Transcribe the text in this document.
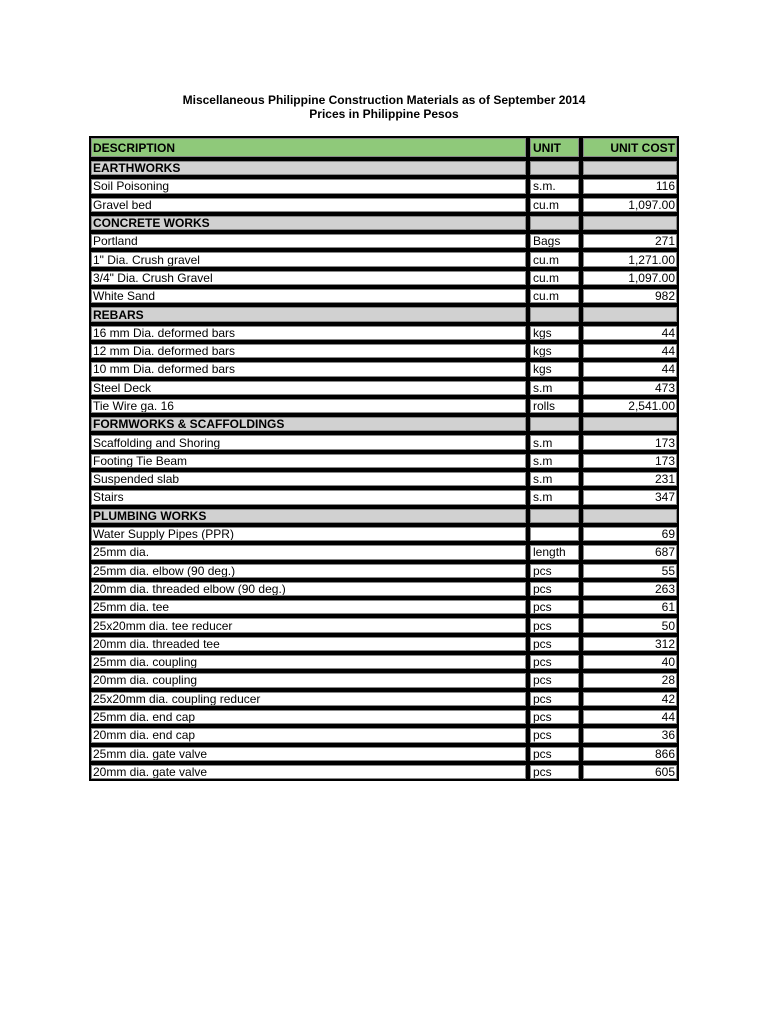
Miscellaneous Philippine Construction Materials as of September 2014
Prices in Philippine Pesos
DESCRIPTION	UNIT	UNIT COST
EARTHWORKS		
Soil Poisoning	s.m.	116
Gravel bed	cu.m	1,097.00
CONCRETE WORKS		
Portland	Bags	271
1" Dia. Crush gravel	cu.m	1,271.00
3/4" Dia. Crush Gravel	cu.m	1,097.00
White Sand	cu.m	982
REBARS		
16 mm Dia. deformed bars	kgs	44
12 mm Dia. deformed bars	kgs	44
10 mm Dia. deformed bars	kgs	44
Steel Deck	s.m	473
Tie Wire ga. 16	rolls	2,541.00
FORMWORKS & SCAFFOLDINGS		
Scaffolding and Shoring	s.m	173
Footing Tie Beam	s.m	173
Suspended slab	s.m	231
Stairs	s.m	347
PLUMBING WORKS		
Water Supply Pipes (PPR)		69
25mm dia.	length	687
25mm dia. elbow (90 deg.)	pcs	55
20mm dia. threaded elbow (90 deg.)	pcs	263
25mm dia. tee	pcs	61
25x20mm dia. tee reducer	pcs	50
20mm dia. threaded tee	pcs	312
25mm dia. coupling	pcs	40
20mm dia. coupling	pcs	28
25x20mm dia. coupling reducer	pcs	42
25mm dia. end cap	pcs	44
20mm dia. end cap	pcs	36
25mm dia. gate valve	pcs	866
20mm dia. gate valve	pcs	605
